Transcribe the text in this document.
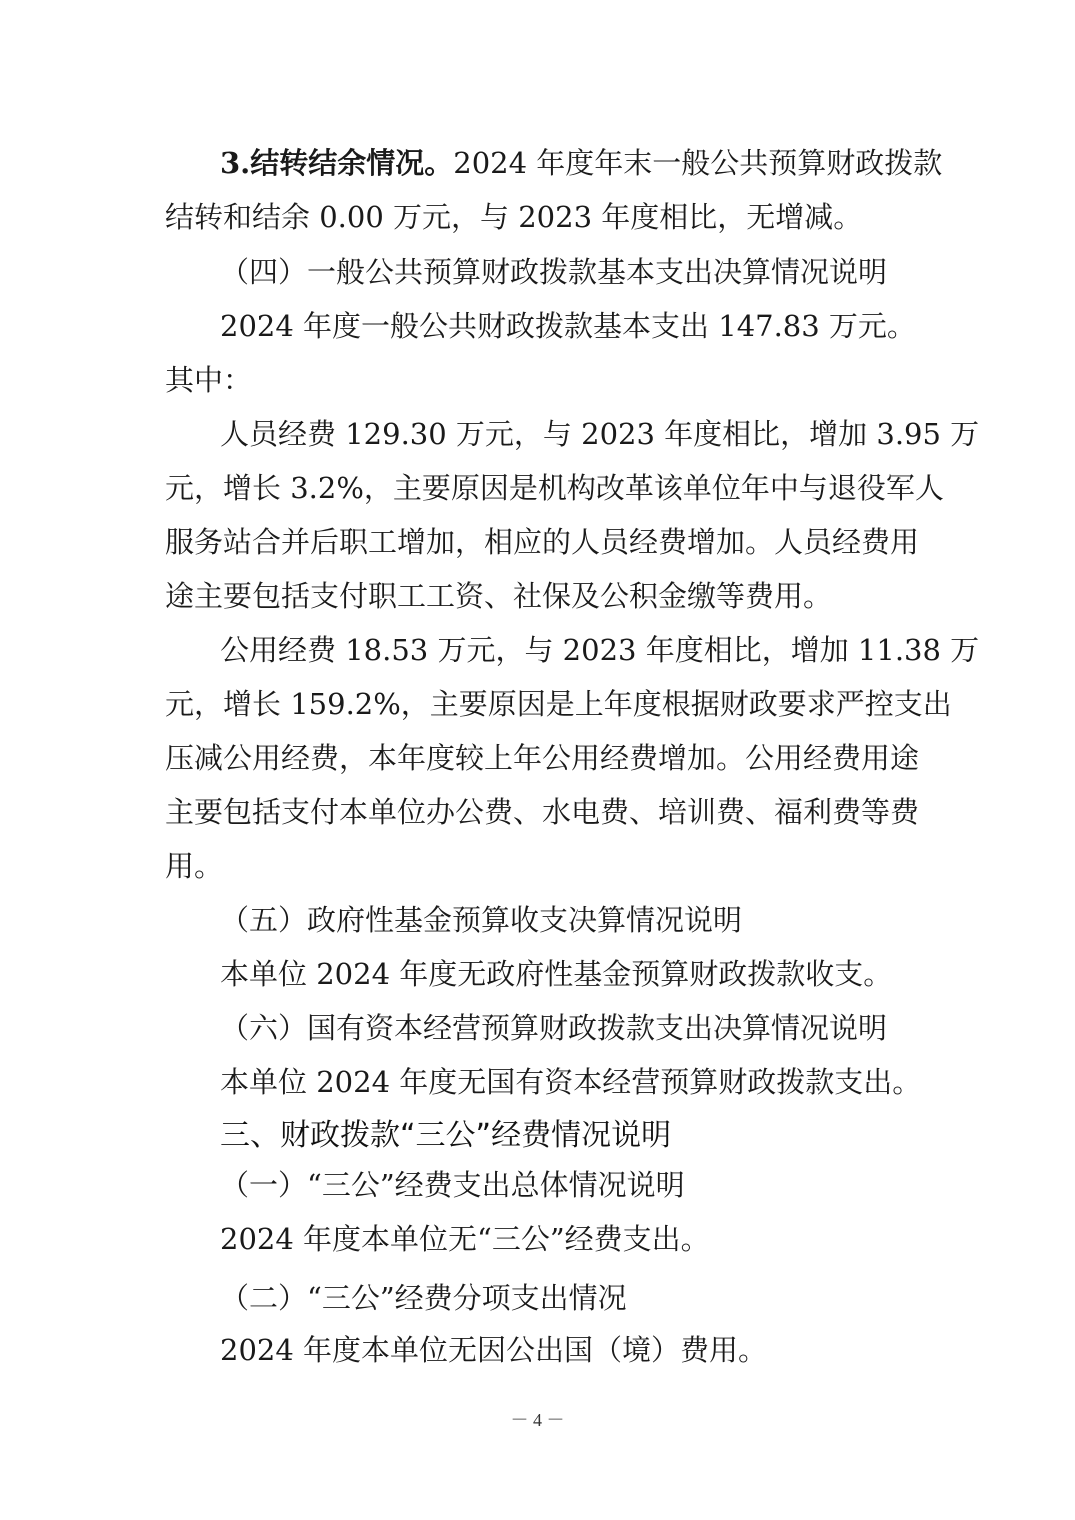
3.结转结余情况。2024 年度年末一般公共预算财政拨款
结转和结余 0.00 万元，与 2023 年度相比，无增减。
（四）一般公共预算财政拨款基本支出决算情况说明
2024 年度一般公共财政拨款基本支出 147.83 万元。
其中：
人员经费 129.30 万元，与 2023 年度相比，增加 3.95 万
元，增长 3.2%，主要原因是机构改革该单位年中与退役军人
服务站合并后职工增加，相应的人员经费增加。人员经费用
途主要包括支付职工工资、社保及公积金缴等费用。
公用经费 18.53 万元，与 2023 年度相比，增加 11.38 万
元，增长 159.2%，主要原因是上年度根据财政要求严控支出
压减公用经费，本年度较上年公用经费增加。公用经费用途
主要包括支付本单位办公费、水电费、培训费、福利费等费
用。
（五）政府性基金预算收支决算情况说明
本单位 2024 年度无政府性基金预算财政拨款收支。
（六）国有资本经营预算财政拨款支出决算情况说明
本单位 2024 年度无国有资本经营预算财政拨款支出。
三、财政拨款“三公”经费情况说明
（一）“三公”经费支出总体情况说明
2024 年度本单位无“三公”经费支出。
（二）“三公”经费分项支出情况
2024 年度本单位无因公出国（境）费用。
－ 4 －
